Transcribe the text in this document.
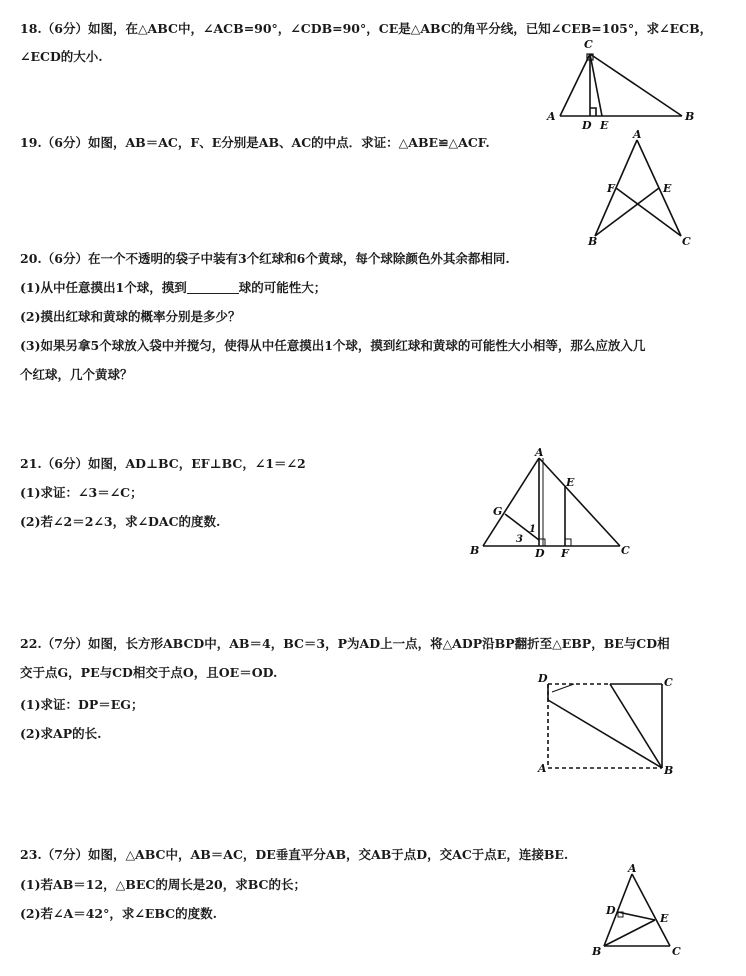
18.（6分）如图，在△ABC中，∠ACB=90°，∠CDB=90°，CE是△ABC的角平分线，已知∠CEB=105°，求∠ECB，
∠ECD的大小.
C
A
D E
B
19.（6分）如图，AB＝AC，F、E分别是AB、AC的中点．求证：△ABE≌△ACF.
A
F	E
B	C
20.（6分）在一个不透明的袋子中装有3个红球和6个黄球，每个球除颜色外其余都相同.
(1)从中任意摸出1个球，摸到	球的可能性大；
(2)摸出红球和黄球的概率分别是多少？
(3)如果另拿5个球放入袋中并搅匀，使得从中任意摸出1个球，摸到红球和黄球的可能性大小相等，那么应放入几
个红球，几个黄球？
21.（6分）如图，AD⊥BC，EF⊥BC，∠1＝∠2
(1)求证：∠3＝∠C；
(2)若∠2＝2∠3，求∠DAC的度数.
A
E
G
B	D F	C
1
3
22.（7分）如图，长方形ABCD中，AB＝4，BC＝3，P为AD上一点，将△ADP沿BP翻折至△EBP，BE与CD相
交于点G，PE与CD相交于点O，且OE＝OD.
(1)求证：DP＝EG；
(2)求AP的长.
D	C
A	B
23.（7分）如图，△ABC中，AB＝AC，DE垂直平分AB，交AB于点D，交AC于点E，连接BE.
(1)若AB＝12，△BEC的周长是20，求BC的长；
(2)若∠A＝42°，求∠EBC的度数.
A
D
E
B	C
